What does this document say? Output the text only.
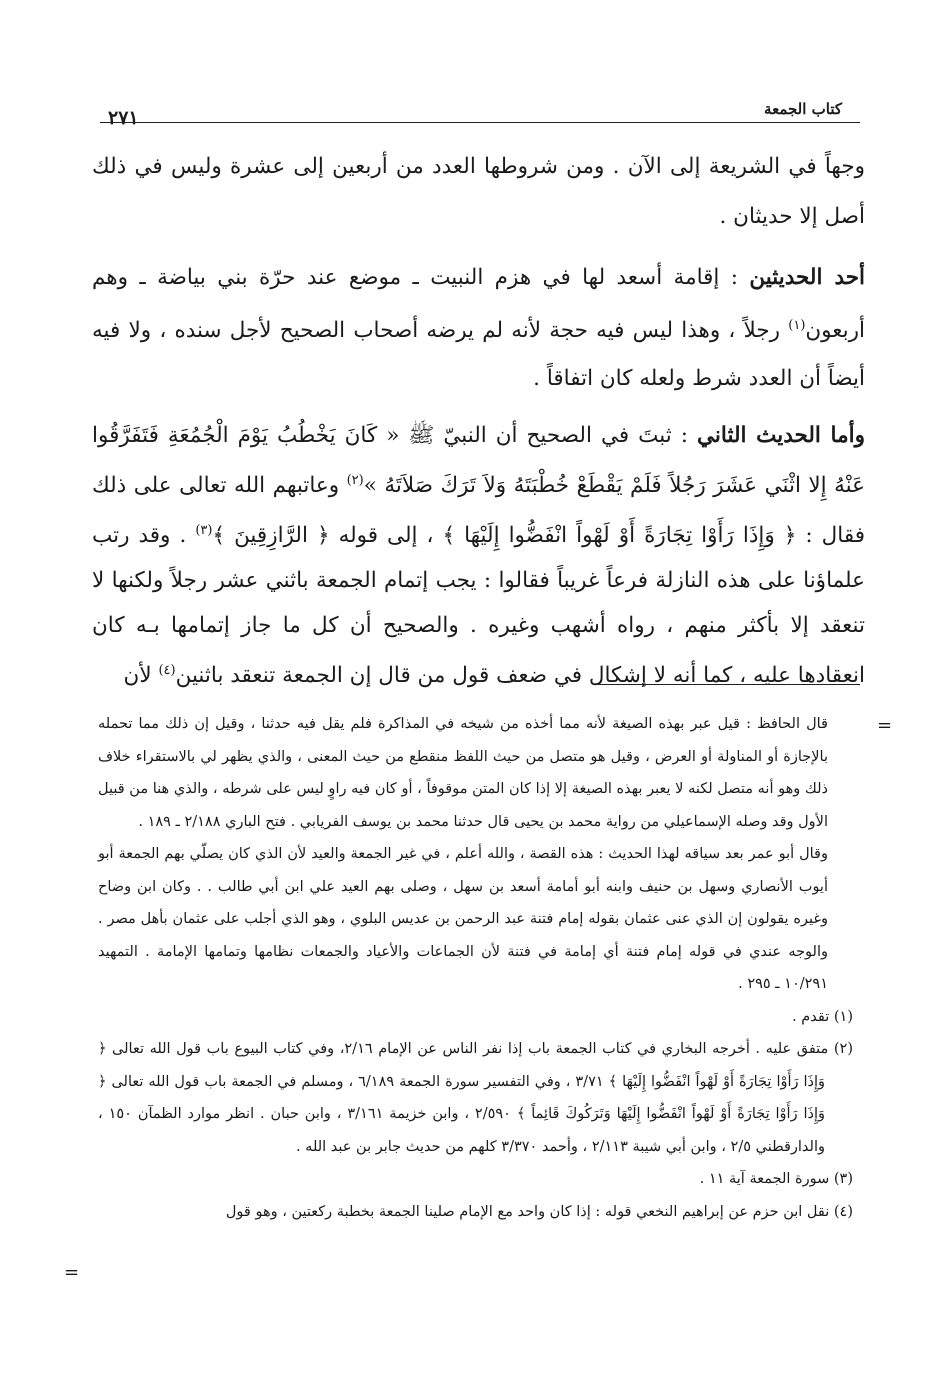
كتاب الجمعة
٢٧١

وجهاً في الشريعة إلى الآن . ومن شروطها العدد من أربعين إلى عشرة وليس في ذلك أصل إلا حديثان .

أحد الحديثين : إقامة أسعد لها في هزم النبيت ـ موضع عند حرّة بني بياضة ـ وهم أربعون$^{(١)}$ رجلاً ، وهذا ليس فيه حجة لأنه لم يرضه أصحاب الصحيح لأجل سنده ، ولا فيه أيضاً أن العدد شرط ولعله كان اتفاقاً .

وأما الحديث الثاني : ثبتَ في الصحيح أن النبيّ ﷺ « كَانَ يَخْطُبُ يَوْمَ الْجُمُعَةِ فَتَفَرَّقُوا عَنْهُ إِلا اثْنَي عَشَرَ رَجُلاً فَلَمْ يَقْطَعْ خُطْبَتَهُ وَلاَ تَرَكَ صَلاَتَهُ »$^{(٢)}$ وعاتبهم الله تعالى على ذلك فقال : ﴿ وَإِذَا رَأَوْا تِجَارَةً أَوْ لَهْواً انْفَضُّوا إِلَيْهَا ﴾ ، إلى قوله ﴿ الرَّازِقِينَ ﴾$^{(٣)}$ . وقد رتب علماؤنا على هذه النازلة فرعاً غريباً فقالوا : يجب إتمام الجمعة باثني عشر رجلاً ولكنها لا تنعقد إلا بأكثر منهم ، رواه أشهب وغيره . والصحيح أن كل ما جاز إتمامها بـه كان انعقادها عليه ، كما أنه لا إشكال في ضعف قول من قال إن الجمعة تنعقد باثنين$^{(٤)}$ لأن

=
=

قال الحافظ : قيل عبر بهذه الصيغة لأنه مما أخذه من شيخه في المذاكرة فلم يقل فيه حدثنا ، وقيل إن ذلك مما تحمله بالإجازة أو المناولة أو العرض ، وقيل هو متصل من حيث اللفظ منقطع من حيث المعنى ، والذي يظهر لي بالاستقراء خلاف ذلك وهو أنه متصل لكنه لا يعبر بهذه الصيغة إلا إذا كان المتن موقوفاً ، أو كان فيه راوٍ ليس على شرطه ، والذي هنا من قبيل الأول وقد وصله الإسماعيلي من رواية محمد بن يحيى قال حدثنا محمد بن يوسف الفريابي . فتح الباري ٢/١٨٨ ـ ١٨٩ .

وقال أبو عمر بعد سياقه لهذا الحديث : هذه القصة ، والله أعلم ، في غير الجمعة والعيد لأن الذي كان يصلّي بهم الجمعة أبو أيوب الأنصاري وسهل بن حنيف وابنه أبو أمامة أسعد بن سهل ، وصلى بهم العيد علي ابن أبي طالب . . وكان ابن وضاح وغيره يقولون إن الذي عنى عثمان بقوله إمام فتنة عبد الرحمن بن عديس البلوي ، وهو الذي أجلب على عثمان بأهل مصر . والوجه عندي في قوله إمام فتنة أي إمامة في فتنة لأن الجماعات والأعياد والجمعات نظامها وتمامها الإمامة . التمهيد ١٠/٢٩١ ـ ٢٩٥ .

(١) تقدم .

(٢) متفق عليه . أخرجه البخاري في كتاب الجمعة باب إذا نفر الناس عن الإمام ٢/١٦، وفي كتاب البيوع باب قول الله تعالى ﴿ وَإِذَا رَأَوْا تِجَارَةً أَوْ لَهْواً انْفَضُّوا إِلَيْهَا ﴾ ٣/٧١ ، وفي التفسير سورة الجمعة ٦/١٨٩ ، ومسلم في الجمعة باب قول الله تعالى ﴿ وَإِذَا رَأَوْا تِجَارَةً أَوْ لَهْواً انْفَضُّوا إِلَيْهَا وَتَرَكُوكَ قَائِماً ﴾ ٢/٥٩٠ ، وابن خزيمة ٣/١٦١ ، وابن حبان . انظر موارد الظمآن ١٥٠ ، والدارقطني ٢/٥ ، وابن أبي شيبة ٢/١١٣ ، وأحمد ٣/٣٧٠ كلهم من حديث جابر بن عبد الله .

(٣) سورة الجمعة آية ١١ .

(٤) نقل ابن حزم عن إبراهيم النخعي قوله : إذا كان واحد مع الإمام صلينا الجمعة بخطبة ركعتين ، وهو قول
